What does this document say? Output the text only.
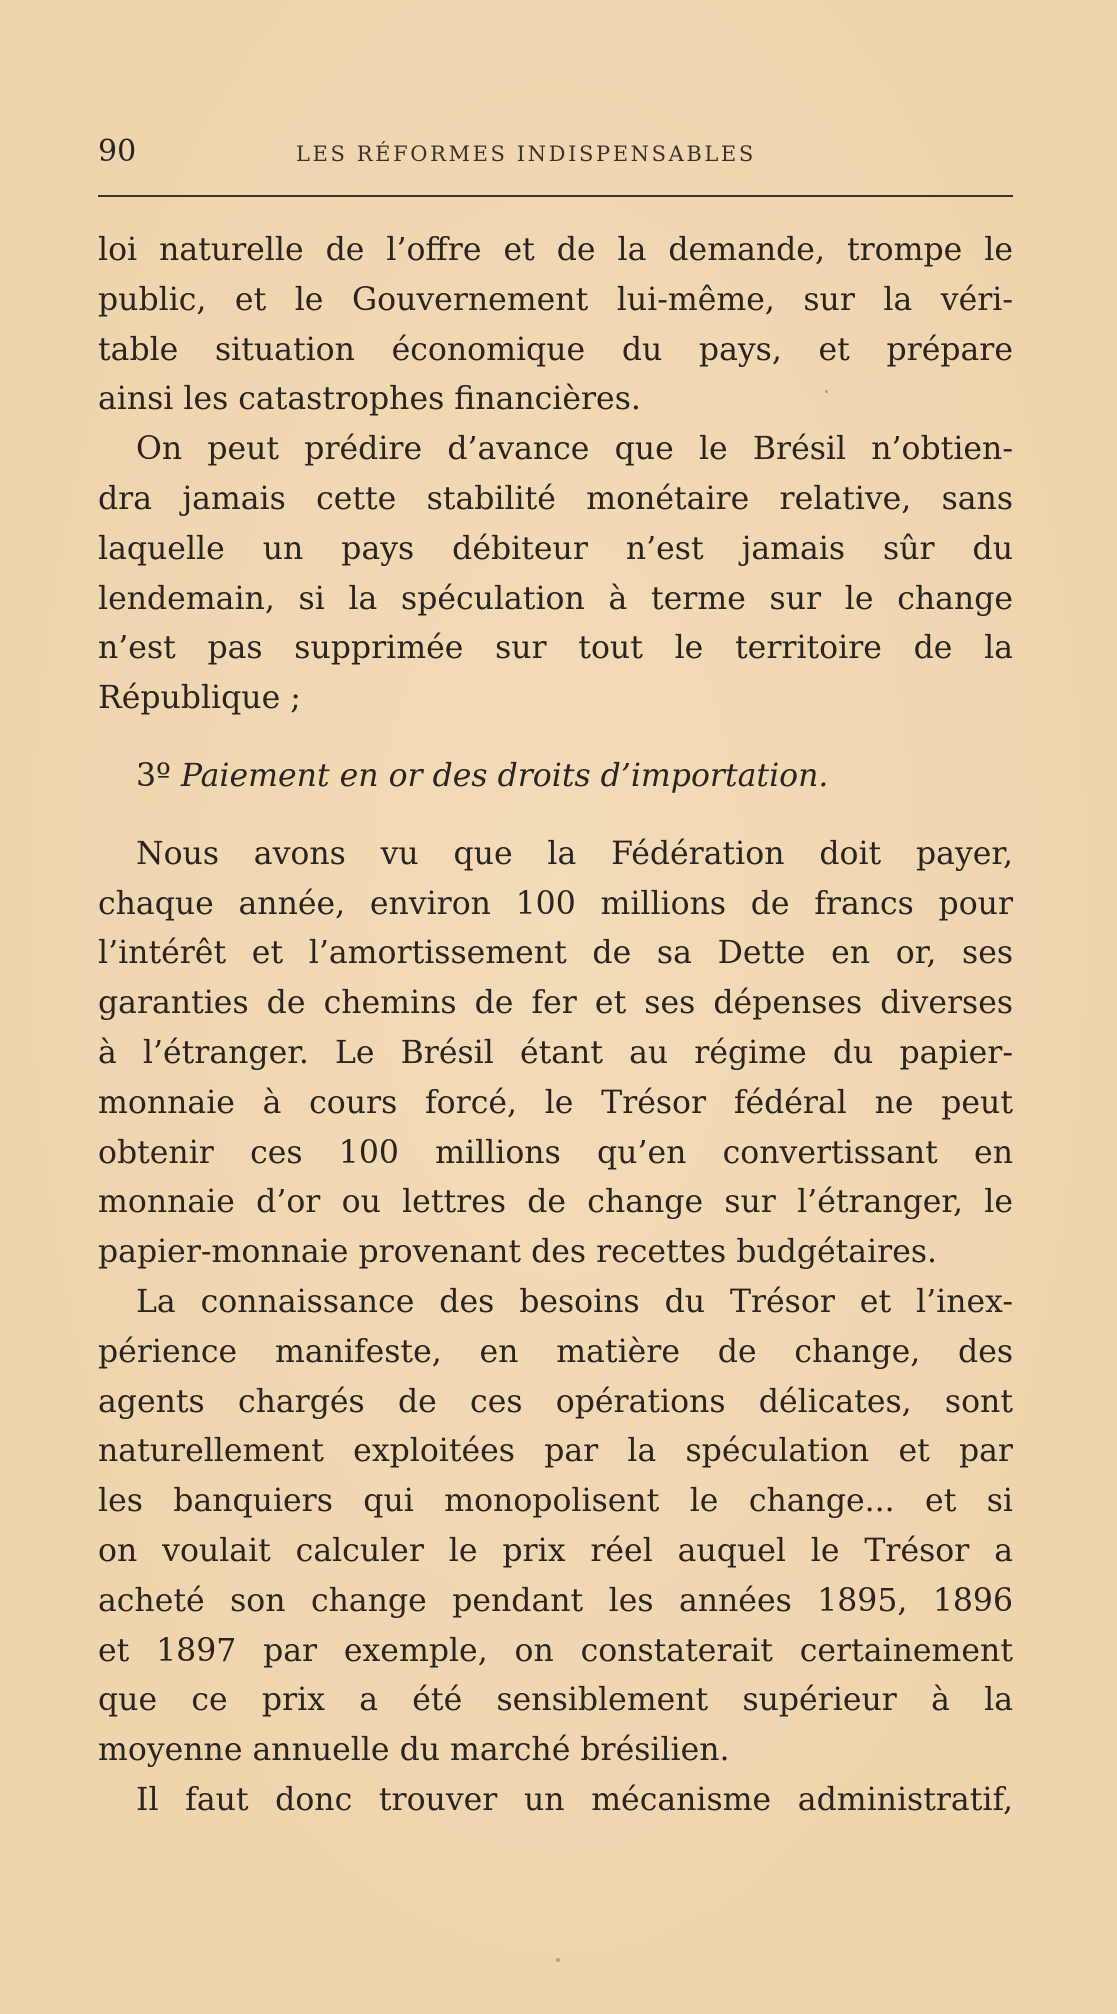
90	LES RÉFORMES INDISPENSABLES
loi naturelle de l’offre et de la demande, trompe le
public, et le Gouvernement lui-même, sur la véri-
table situation économique du pays, et prépare
ainsi les catastrophes financières.
On peut prédire d’avance que le Brésil n’obtien-
dra jamais cette stabilité monétaire relative, sans
laquelle un pays débiteur n’est jamais sûr du
lendemain, si la spéculation à terme sur le change
n’est pas supprimée sur tout le territoire de la
République ;
3º Paiement en or des droits d’importation.
Nous avons vu que la Fédération doit payer,
chaque année, environ 100 millions de francs pour
l’intérêt et l’amortissement de sa Dette en or, ses
garanties de chemins de fer et ses dépenses diverses
à l’étranger. Le Brésil étant au régime du papier-
monnaie à cours forcé, le Trésor fédéral ne peut
obtenir ces 100 millions qu’en convertissant en
monnaie d’or ou lettres de change sur l’étranger, le
papier-monnaie provenant des recettes budgétaires.
La connaissance des besoins du Trésor et l’inex-
périence manifeste, en matière de change, des
agents chargés de ces opérations délicates, sont
naturellement exploitées par la spéculation et par
les banquiers qui monopolisent le change... et si
on voulait calculer le prix réel auquel le Trésor a
acheté son change pendant les années 1895, 1896
et 1897 par exemple, on constaterait certainement
que ce prix a été sensiblement supérieur à la
moyenne annuelle du marché brésilien.
Il faut donc trouver un mécanisme administratif,
